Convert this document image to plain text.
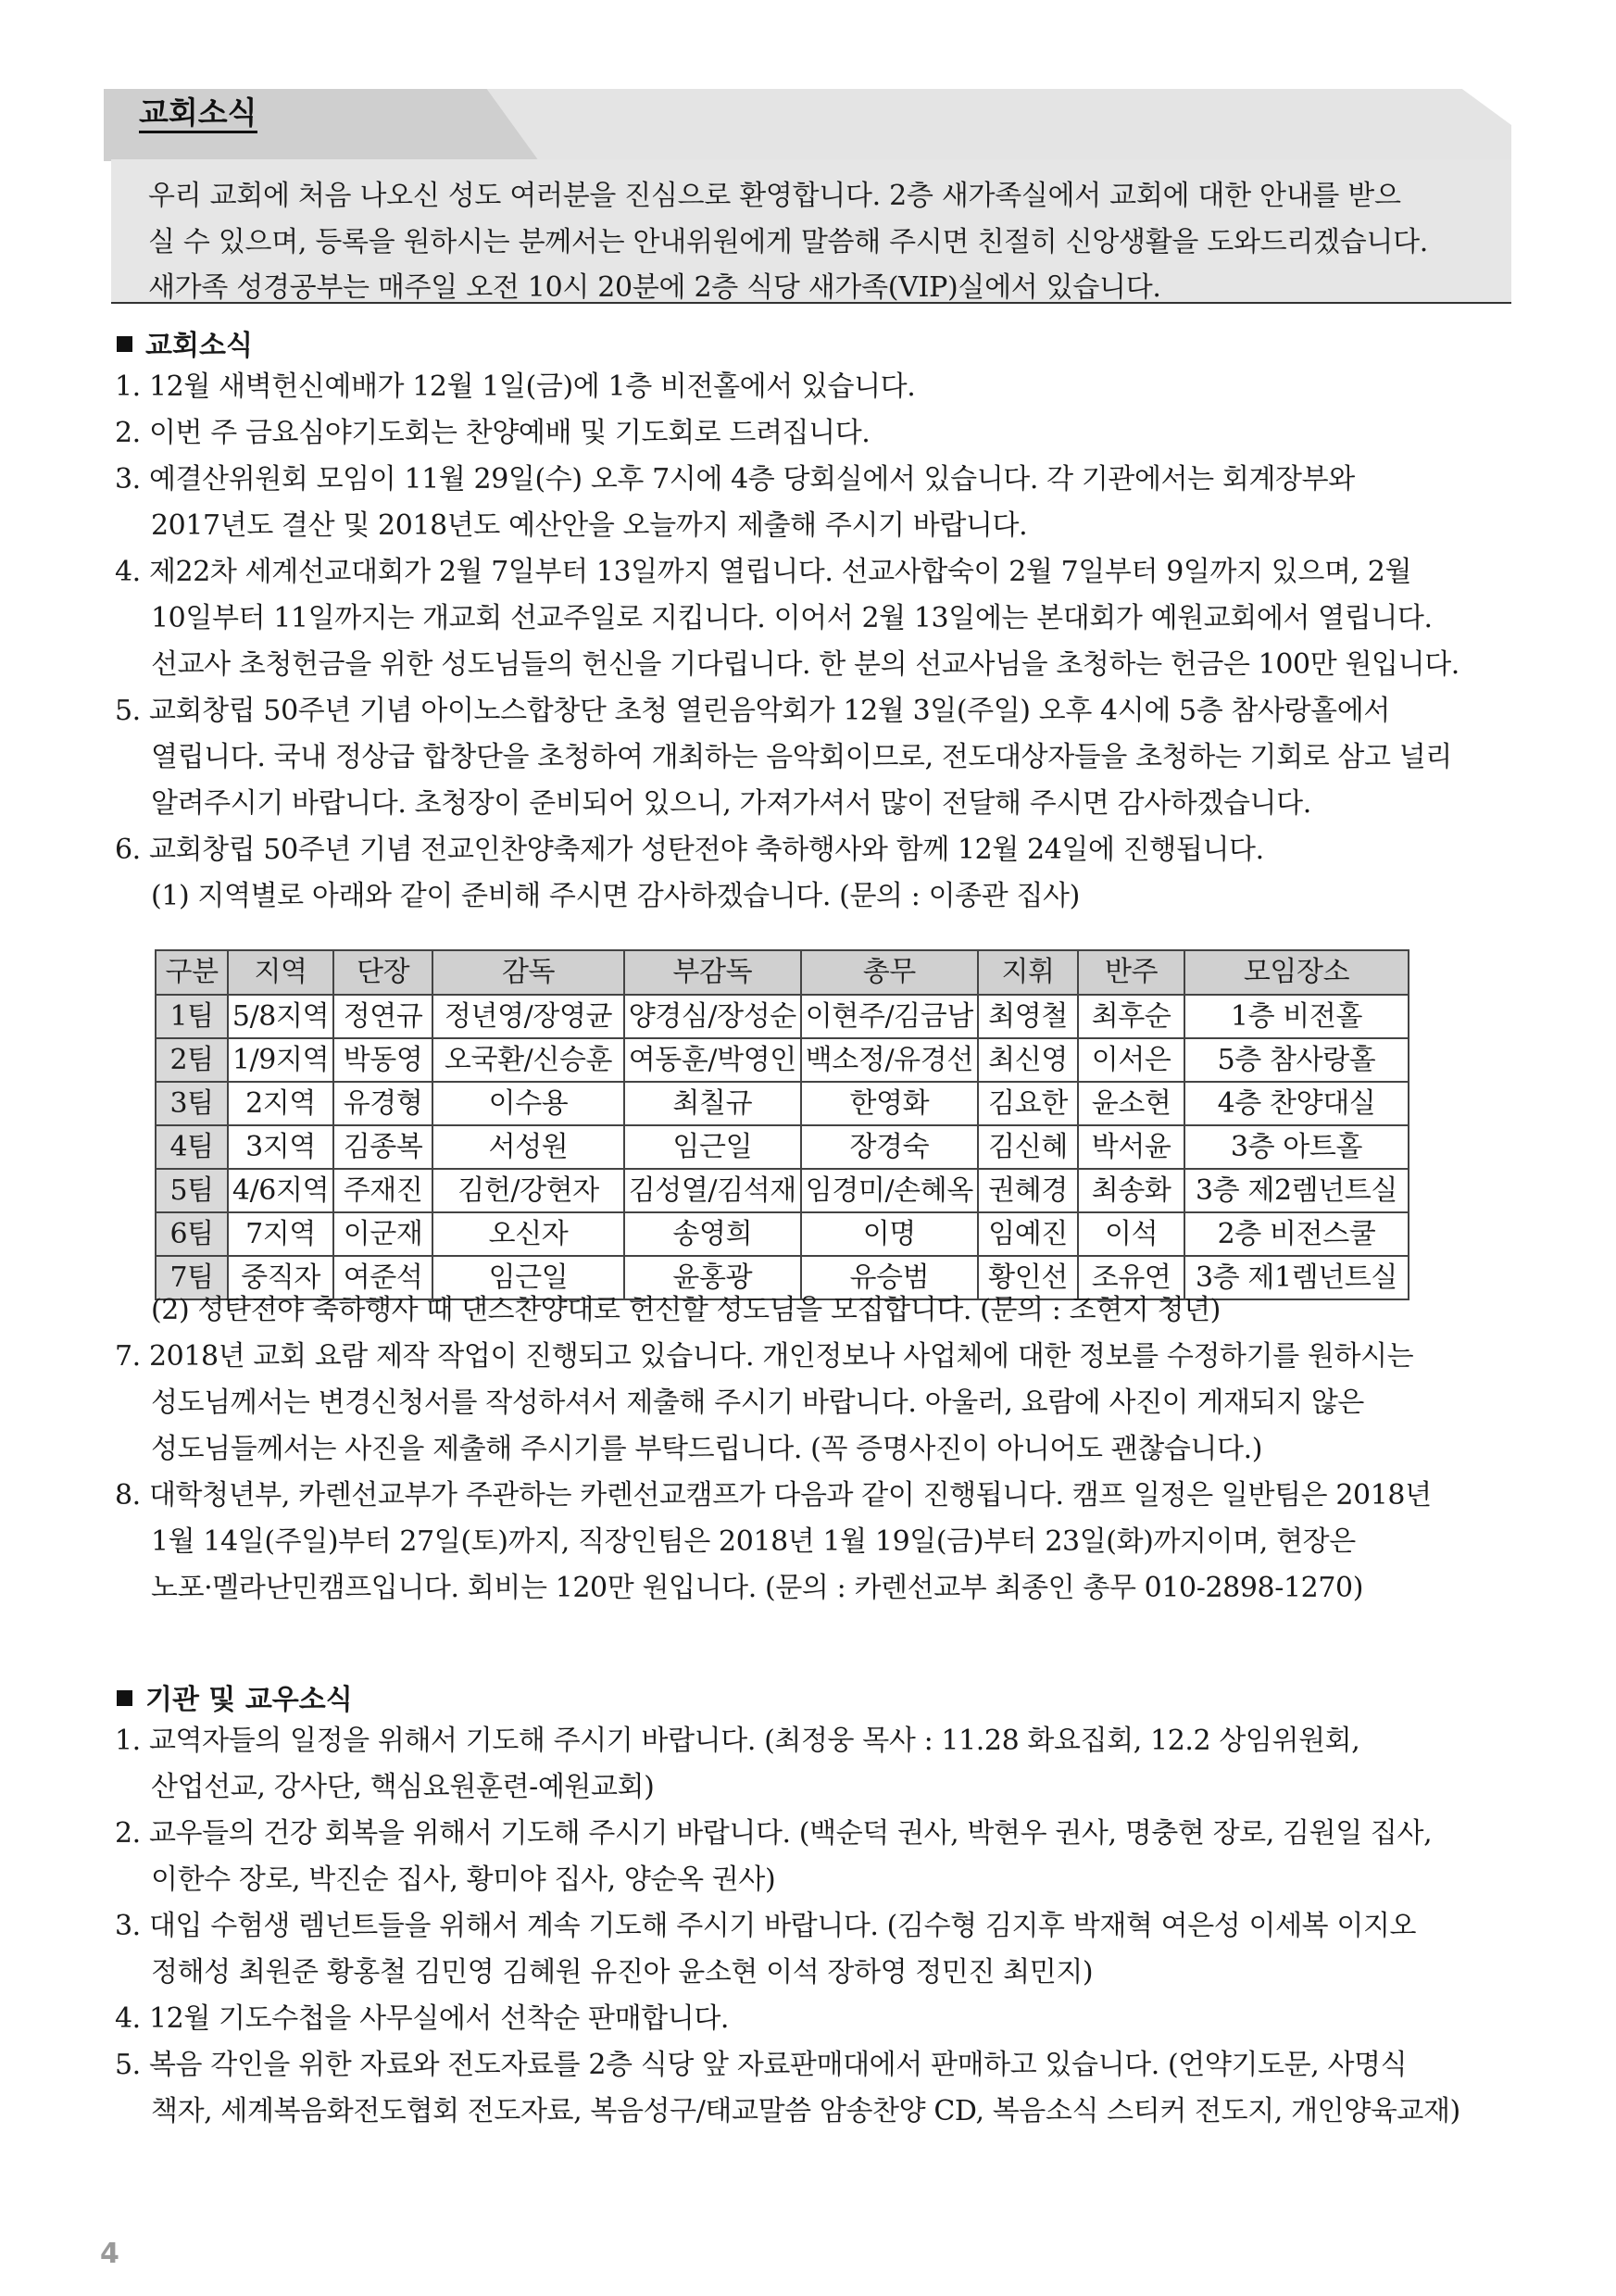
교회소식
우리 교회에 처음 나오신 성도 여러분을 진심으로 환영합니다. 2층 새가족실에서 교회에 대한 안내를 받으
실 수 있으며, 등록을 원하시는 분께서는 안내위원에게 말씀해 주시면 친절히 신앙생활을 도와드리겠습니다.
새가족 성경공부는 매주일 오전 10시 20분에 2층 식당 새가족(VIP)실에서 있습니다.
교회소식
1. 12월 새벽헌신예배가 12월 1일(금)에 1층 비전홀에서 있습니다.
2. 이번 주 금요심야기도회는 찬양예배 및 기도회로 드려집니다.
3. 예결산위원회 모임이 11월 29일(수) 오후 7시에 4층 당회실에서 있습니다. 각 기관에서는 회계장부와
2017년도 결산 및 2018년도 예산안을 오늘까지 제출해 주시기 바랍니다.
4. 제22차 세계선교대회가 2월 7일부터 13일까지 열립니다. 선교사합숙이 2월 7일부터 9일까지 있으며, 2월
10일부터 11일까지는 개교회 선교주일로 지킵니다. 이어서 2월 13일에는 본대회가 예원교회에서 열립니다.
선교사 초청헌금을 위한 성도님들의 헌신을 기다립니다. 한 분의 선교사님을 초청하는 헌금은 100만 원입니다.
5. 교회창립 50주년 기념 아이노스합창단 초청 열린음악회가 12월 3일(주일) 오후 4시에 5층 참사랑홀에서
열립니다. 국내 정상급 합창단을 초청하여 개최하는 음악회이므로, 전도대상자들을 초청하는 기회로 삼고 널리
알려주시기 바랍니다. 초청장이 준비되어 있으니, 가져가셔서 많이 전달해 주시면 감사하겠습니다.
6. 교회창립 50주년 기념 전교인찬양축제가 성탄전야 축하행사와 함께 12월 24일에 진행됩니다.
(1) 지역별로 아래와 같이 준비해 주시면 감사하겠습니다. (문의 : 이종관 집사)
구분	지역	단장	감독	부감독	총무	지휘	반주	모임장소
1팀	5/8지역	정연규	정년영/장영균	양경심/장성순	이현주/김금남	최영철	최후순	1층 비전홀
2팀	1/9지역	박동영	오국환/신승훈	여동훈/박영인	백소정/유경선	최신영	이서은	5층 참사랑홀
3팀	2지역	유경형	이수용	최칠규	한영화	김요한	윤소현	4층 찬양대실
4팀	3지역	김종복	서성원	임근일	장경숙	김신혜	박서윤	3층 아트홀
5팀	4/6지역	주재진	김헌/강현자	김성열/김석재	임경미/손혜옥	권혜경	최송화	3층 제2렘넌트실
6팀	7지역	이군재	오신자	송영희	이명	임예진	이석	2층 비전스쿨
7팀	중직자	여준석	임근일	윤홍광	유승범	황인선	조유연	3층 제1렘넌트실
(2) 성탄전야 축하행사 때 댄스찬양대로 헌신할 성도님을 모집합니다. (문의 : 조현지 청년)
7. 2018년 교회 요람 제작 작업이 진행되고 있습니다. 개인정보나 사업체에 대한 정보를 수정하기를 원하시는
성도님께서는 변경신청서를 작성하셔서 제출해 주시기 바랍니다. 아울러, 요람에 사진이 게재되지 않은
성도님들께서는 사진을 제출해 주시기를 부탁드립니다. (꼭 증명사진이 아니어도 괜찮습니다.)
8. 대학청년부, 카렌선교부가 주관하는 카렌선교캠프가 다음과 같이 진행됩니다. 캠프 일정은 일반팀은 2018년
1월 14일(주일)부터 27일(토)까지, 직장인팀은 2018년 1월 19일(금)부터 23일(화)까지이며, 현장은
노포·멜라난민캠프입니다. 회비는 120만 원입니다. (문의 : 카렌선교부 최종인 총무 010-2898-1270)
기관 및 교우소식
1. 교역자들의 일정을 위해서 기도해 주시기 바랍니다. (최정웅 목사 : 11.28 화요집회, 12.2 상임위원회,
산업선교, 강사단, 핵심요원훈련-예원교회)
2. 교우들의 건강 회복을 위해서 기도해 주시기 바랍니다. (백순덕 권사, 박현우 권사, 명충현 장로, 김원일 집사,
이한수 장로, 박진순 집사, 황미야 집사, 양순옥 권사)
3. 대입 수험생 렘넌트들을 위해서 계속 기도해 주시기 바랍니다. (김수형 김지후 박재혁 여은성 이세복 이지오
정해성 최원준 황홍철 김민영 김혜원 유진아 윤소현 이석 장하영 정민진 최민지)
4. 12월 기도수첩을 사무실에서 선착순 판매합니다.
5. 복음 각인을 위한 자료와 전도자료를 2층 식당 앞 자료판매대에서 판매하고 있습니다. (언약기도문, 사명식
책자, 세계복음화전도협회 전도자료, 복음성구/태교말씀 암송찬양 CD, 복음소식 스티커 전도지, 개인양육교재)
4
